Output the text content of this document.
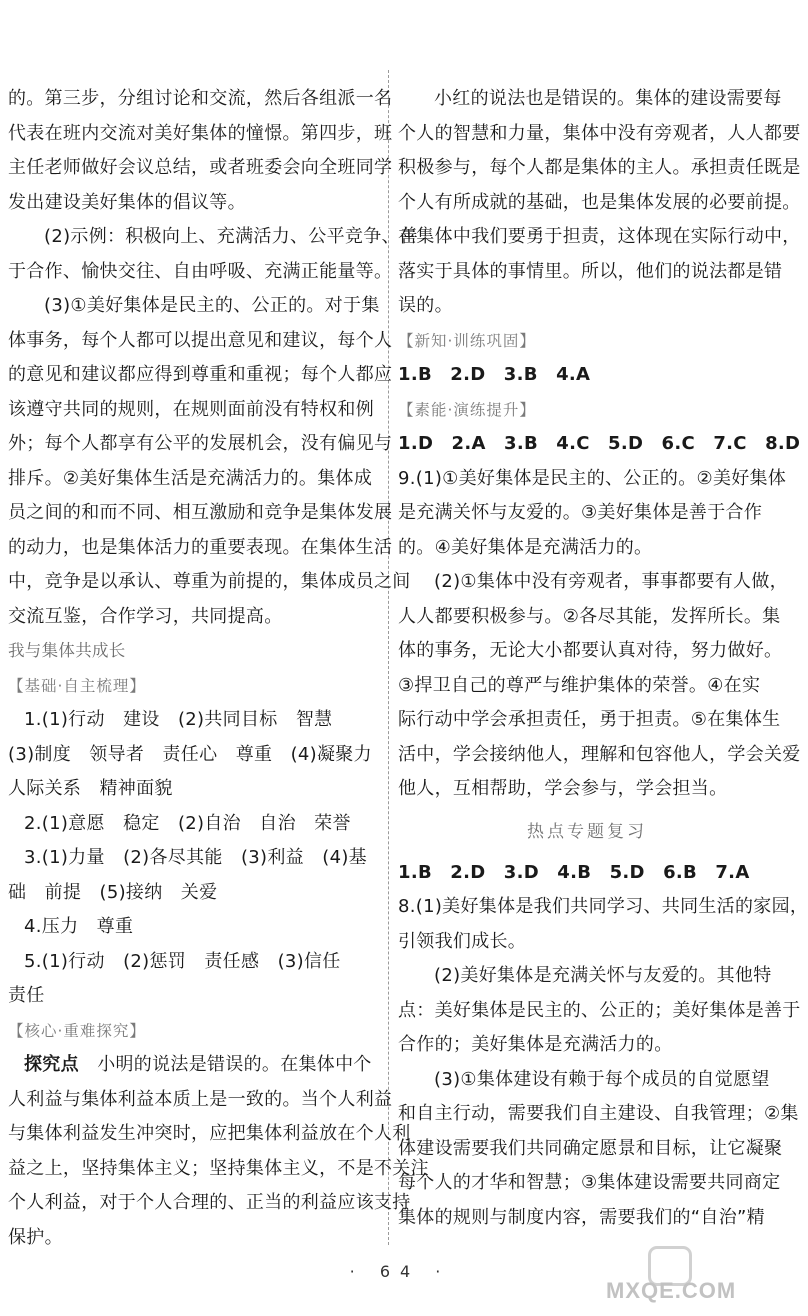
的。第三步，分组讨论和交流，然后各组派一名
代表在班内交流对美好集体的憧憬。第四步，班
主任老师做好会议总结，或者班委会向全班同学
发出建设美好集体的倡议等。
(2)示例：积极向上、充满活力、公平竞争、善
于合作、愉快交往、自由呼吸、充满正能量等。
(3)①美好集体是民主的、公正的。对于集
体事务，每个人都可以提出意见和建议，每个人
的意见和建议都应得到尊重和重视；每个人都应
该遵守共同的规则，在规则面前没有特权和例
外；每个人都享有公平的发展机会，没有偏见与
排斥。②美好集体生活是充满活力的。集体成
员之间的和而不同、相互激励和竞争是集体发展
的动力，也是集体活力的重要表现。在集体生活
中，竞争是以承认、尊重为前提的，集体成员之间
交流互鉴，合作学习，共同提高。
我与集体共成长
【基础·自主梳理】
1.(1)行动　建设　(2)共同目标　智慧
(3)制度　领导者　责任心　尊重　(4)凝聚力
人际关系　精神面貌
2.(1)意愿　稳定　(2)自治　自治　荣誉
3.(1)力量　(2)各尽其能　(3)利益　(4)基
础　前提　(5)接纳　关爱
4.压力　尊重
5.(1)行动　(2)惩罚　责任感　(3)信任
责任
【核心·重难探究】
探究点　小明的说法是错误的。在集体中个
人利益与集体利益本质上是一致的。当个人利益
与集体利益发生冲突时，应把集体利益放在个人利
益之上，坚持集体主义；坚持集体主义，不是不关注
个人利益，对于个人合理的、正当的利益应该支持
保护。
小红的说法也是错误的。集体的建设需要每
个人的智慧和力量，集体中没有旁观者，人人都要
积极参与，每个人都是集体的主人。承担责任既是
个人有所成就的基础，也是集体发展的必要前提。
在集体中我们要勇于担责，这体现在实际行动中，
落实于具体的事情里。所以，他们的说法都是错
误的。
【新知·训练巩固】
1.B　2.D　3.B　4.A
【素能·演练提升】
1.D　2.A　3.B　4.C　5.D　6.C　7.C　8.D
9.(1)①美好集体是民主的、公正的。②美好集体
是充满关怀与友爱的。③美好集体是善于合作
的。④美好集体是充满活力的。
(2)①集体中没有旁观者，事事都要有人做，
人人都要积极参与。②各尽其能，发挥所长。集
体的事务，无论大小都要认真对待，努力做好。
③捍卫自己的尊严与维护集体的荣誉。④在实
际行动中学会承担责任，勇于担责。⑤在集体生
活中，学会接纳他人，理解和包容他人，学会关爱
他人，互相帮助，学会参与，学会担当。
热点专题复习
1.B　2.D　3.D　4.B　5.D　6.B　7.A
8.(1)美好集体是我们共同学习、共同生活的家园，
引领我们成长。
(2)美好集体是充满关怀与友爱的。其他特
点：美好集体是民主的、公正的；美好集体是善于
合作的；美好集体是充满活力的。
(3)①集体建设有赖于每个成员的自觉愿望
和自主行动，需要我们自主建设、自我管理；②集
体建设需要我们共同确定愿景和目标，让它凝聚
每个人的才华和智慧；③集体建设需要共同商定
集体的规则与制度内容，需要我们的“自治”精
· 64 ·
MXQE.COM
